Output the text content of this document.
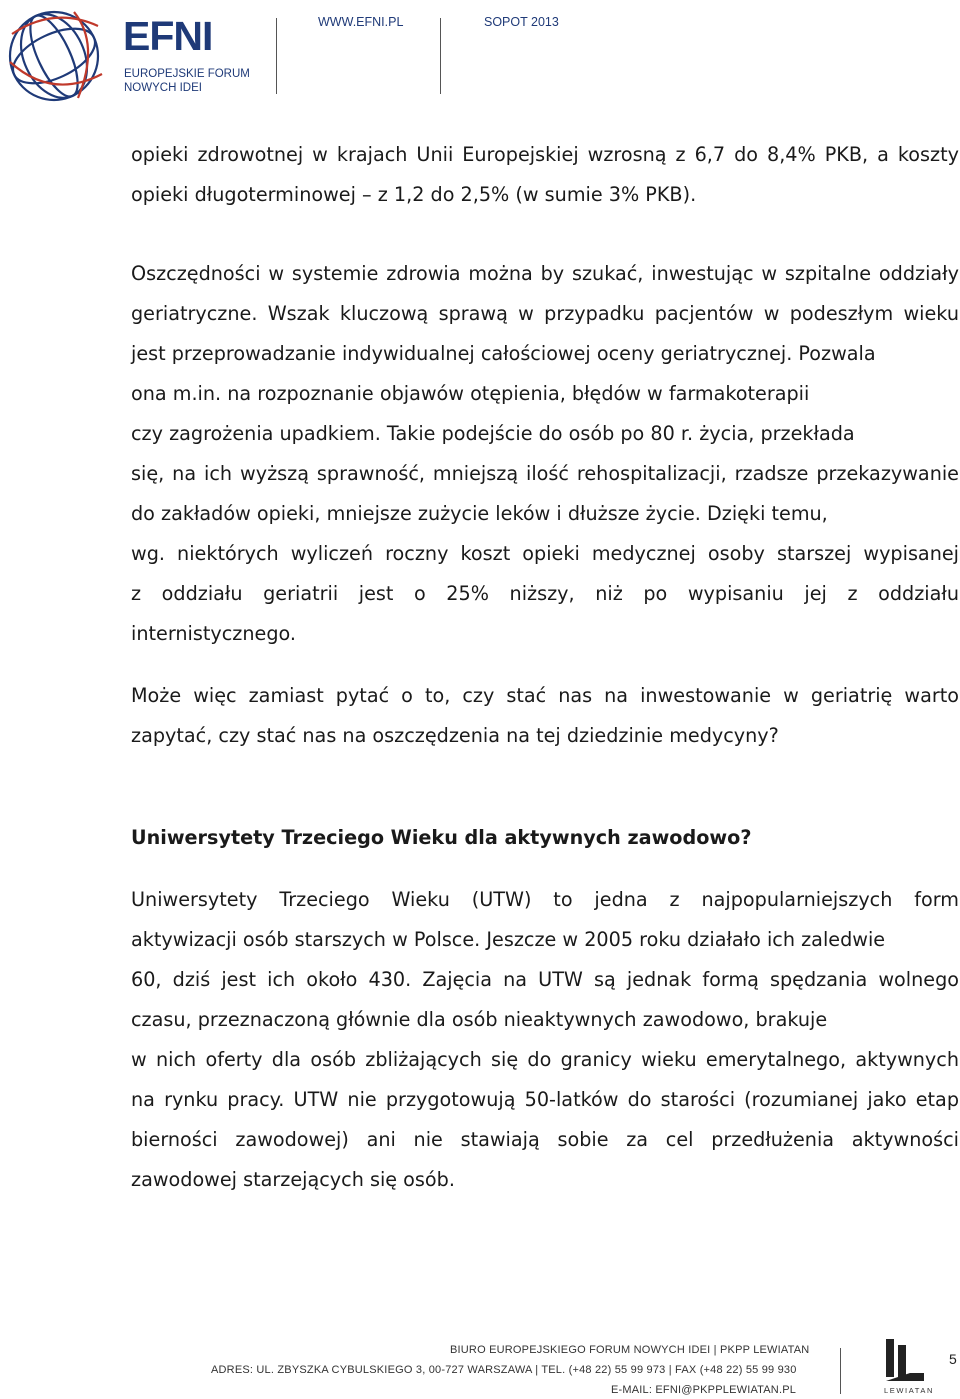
EFNI
EUROPEJSKIE FORUM
NOWYCH IDEI
WWW.EFNI.PL	SOPOT 2013
opieki zdrowotnej w krajach Unii Europejskiej wzrosną z 6,7 do 8,4% PKB, a koszty
opieki długoterminowej – z 1,2 do 2,5% (w sumie 3% PKB).
Oszczędności w systemie zdrowia można by szukać, inwestując w szpitalne oddziały
geriatryczne. Wszak kluczową sprawą w przypadku pacjentów w podeszłym wieku
jest przeprowadzanie indywidualnej całościowej oceny geriatrycznej. Pozwala
ona m.in. na rozpoznanie objawów otępienia, błędów w farmakoterapii
czy zagrożenia upadkiem. Takie podejście do osób po 80 r. życia, przekłada
się, na ich wyższą sprawność, mniejszą ilość rehospitalizacji, rzadsze przekazywanie
do zakładów opieki, mniejsze zużycie leków i dłuższe życie. Dzięki temu,
wg. niektórych wyliczeń roczny koszt opieki medycznej osoby starszej wypisanej
z oddziału geriatrii jest o 25% niższy, niż po wypisaniu jej z oddziału
internistycznego.
Może więc zamiast pytać o to, czy stać nas na inwestowanie w geriatrię warto
zapytać, czy stać nas na oszczędzenia na tej dziedzinie medycyny?
Uniwersytety Trzeciego Wieku dla aktywnych zawodowo?
Uniwersytety Trzeciego Wieku (UTW) to jedna z najpopularniejszych form
aktywizacji osób starszych w Polsce. Jeszcze w 2005 roku działało ich zaledwie
60, dziś jest ich około 430. Zajęcia na UTW są jednak formą spędzania wolnego
czasu, przeznaczoną głównie dla osób nieaktywnych zawodowo, brakuje
w nich oferty dla osób zbliżających się do granicy wieku emerytalnego, aktywnych
na rynku pracy. UTW nie przygotowują 50-latków do starości (rozumianej jako etap
bierności zawodowej) ani nie stawiają sobie za cel przedłużenia aktywności
zawodowej starzejących się osób.
BIURO EUROPEJSKIEGO FORUM NOWYCH IDEI | PKPP LEWIATAN
ADRES: UL. ZBYSZKA CYBULSKIEGO 3, 00-727 WARSZAWA | TEL. (+48 22) 55 99 973 | FAX (+48 22) 55 99 930
E-MAIL: EFNI@PKPPLEWIATAN.PL	LEWIATAN
5
